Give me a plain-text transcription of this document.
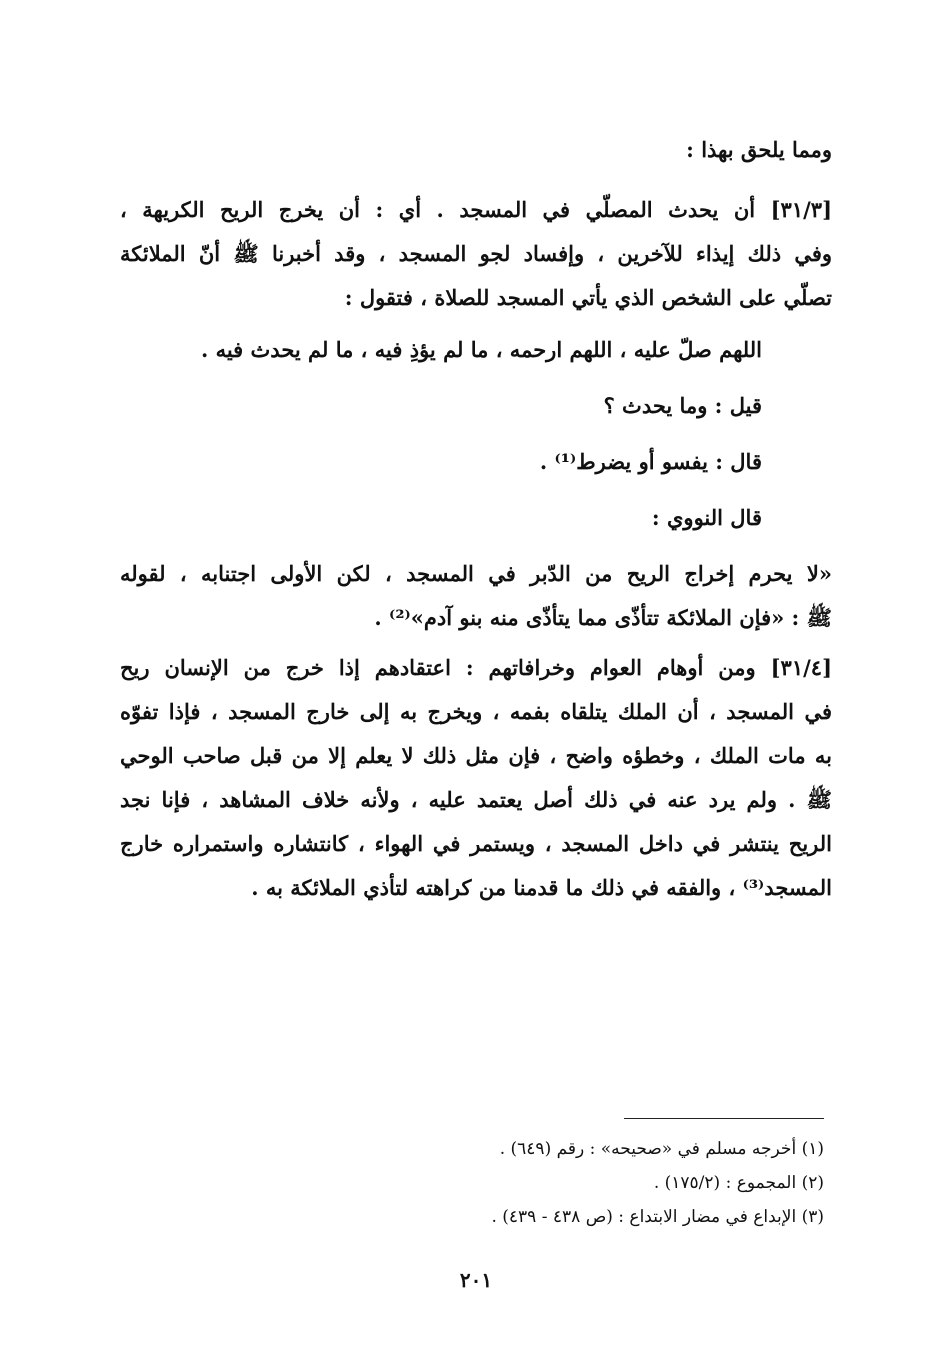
ومما يلحق بهذا :

[٣١/٣] أن يحدث المصلّي في المسجد . أي : أن يخرج الريح الكريهة ،

وفي ذلك إيذاء للآخرين ، وإفساد لجو المسجد ، وقد أخبرنا ﷺ أنّ الملائكة

تصلّي على الشخص الذي يأتي المسجد للصلاة ، فتقول :

اللهم صلّ عليه ، اللهم ارحمه ، ما لم يؤذِ فيه ، ما لم يحدث فيه .

قيل : وما يحدث ؟

قال : يفسو أو يضرط⁽¹⁾ .

قال النووي :

«لا يحرم إخراج الريح من الدّبر في المسجد ، لكن الأولى اجتنابه ، لقوله

ﷺ : «فإن الملائكة تتأذّى مما يتأذّى منه بنو آدم»⁽²⁾ .

[٣١/٤] ومن أوهام العوام وخرافاتهم : اعتقادهم إذا خرج من الإنسان ريح

في المسجد ، أن الملك يتلقاه بفمه ، ويخرج به إلى خارج المسجد ، فإذا تفوّه

به مات الملك ، وخطؤه واضح ، فإن مثل ذلك لا يعلم إلا من قبل صاحب الوحي

ﷺ . ولم يرد عنه في ذلك أصل يعتمد عليه ، ولأنه خلاف المشاهد ، فإنا نجد

الريح ينتشر في داخل المسجد ، ويستمر في الهواء ، كانتشاره واستمراره خارج

المسجد⁽³⁾ ، والفقه في ذلك ما قدمنا من كراهته لتأذي الملائكة به .

(١) أخرجه مسلم في «صحيحه» : رقم (٦٤٩) .
(٢) المجموع : (١٧٥/٢) .
(٣) الإبداع في مضار الابتداع : (ص ٤٣٨ - ٤٣٩) .
٢٠١
